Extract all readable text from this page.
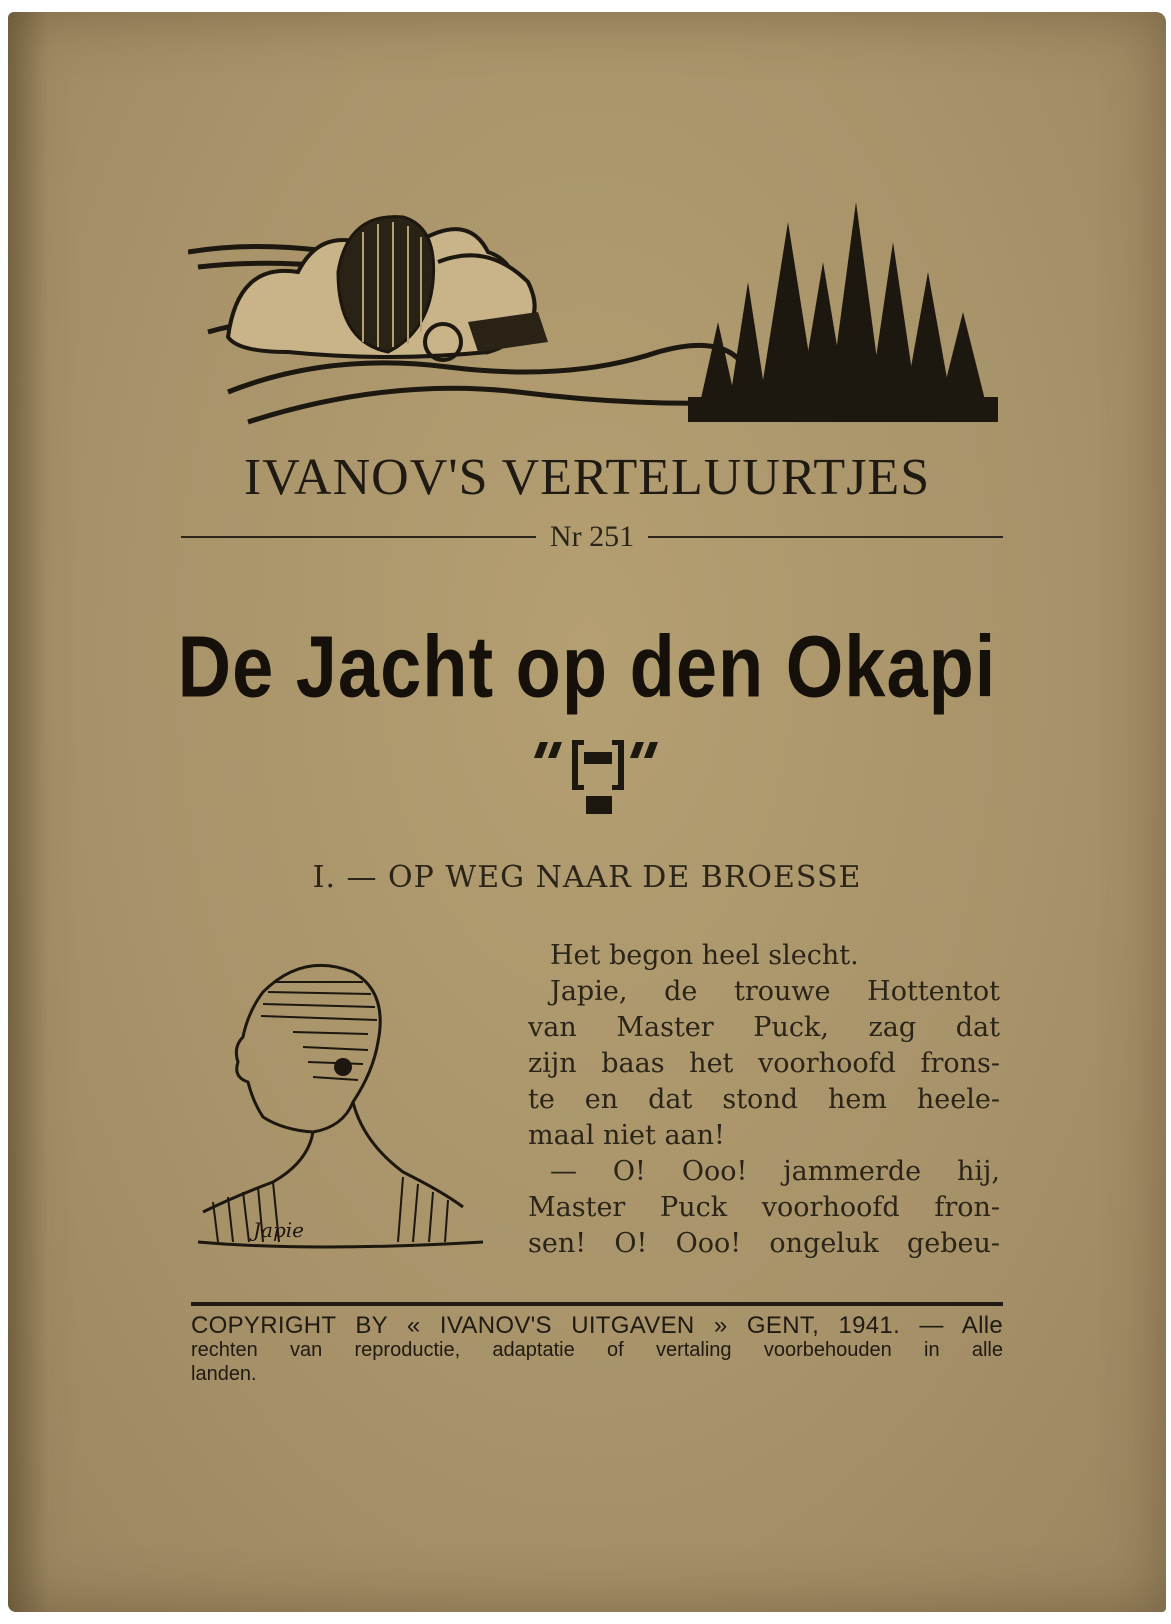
IVANOV'S VERTELUURTJES
Nr 251
De Jacht op den Okapi
I. — OP WEG NAAR DE BROESSE
Japie
Het begon heel slecht.
Japie, de trouwe Hottentot
van Master Puck, zag dat
zijn baas het voorhoofd frons-
te en dat stond hem heele-
maal niet aan!
— O! Ooo! jammerde hij,
Master Puck voorhoofd fron-
sen! O! Ooo! ongeluk gebeu-
COPYRIGHT BY « IVANOV'S UITGAVEN » GENT, 1941. — Alle
rechten van reproductie, adaptatie of vertaling voorbehouden in alle
landen.
